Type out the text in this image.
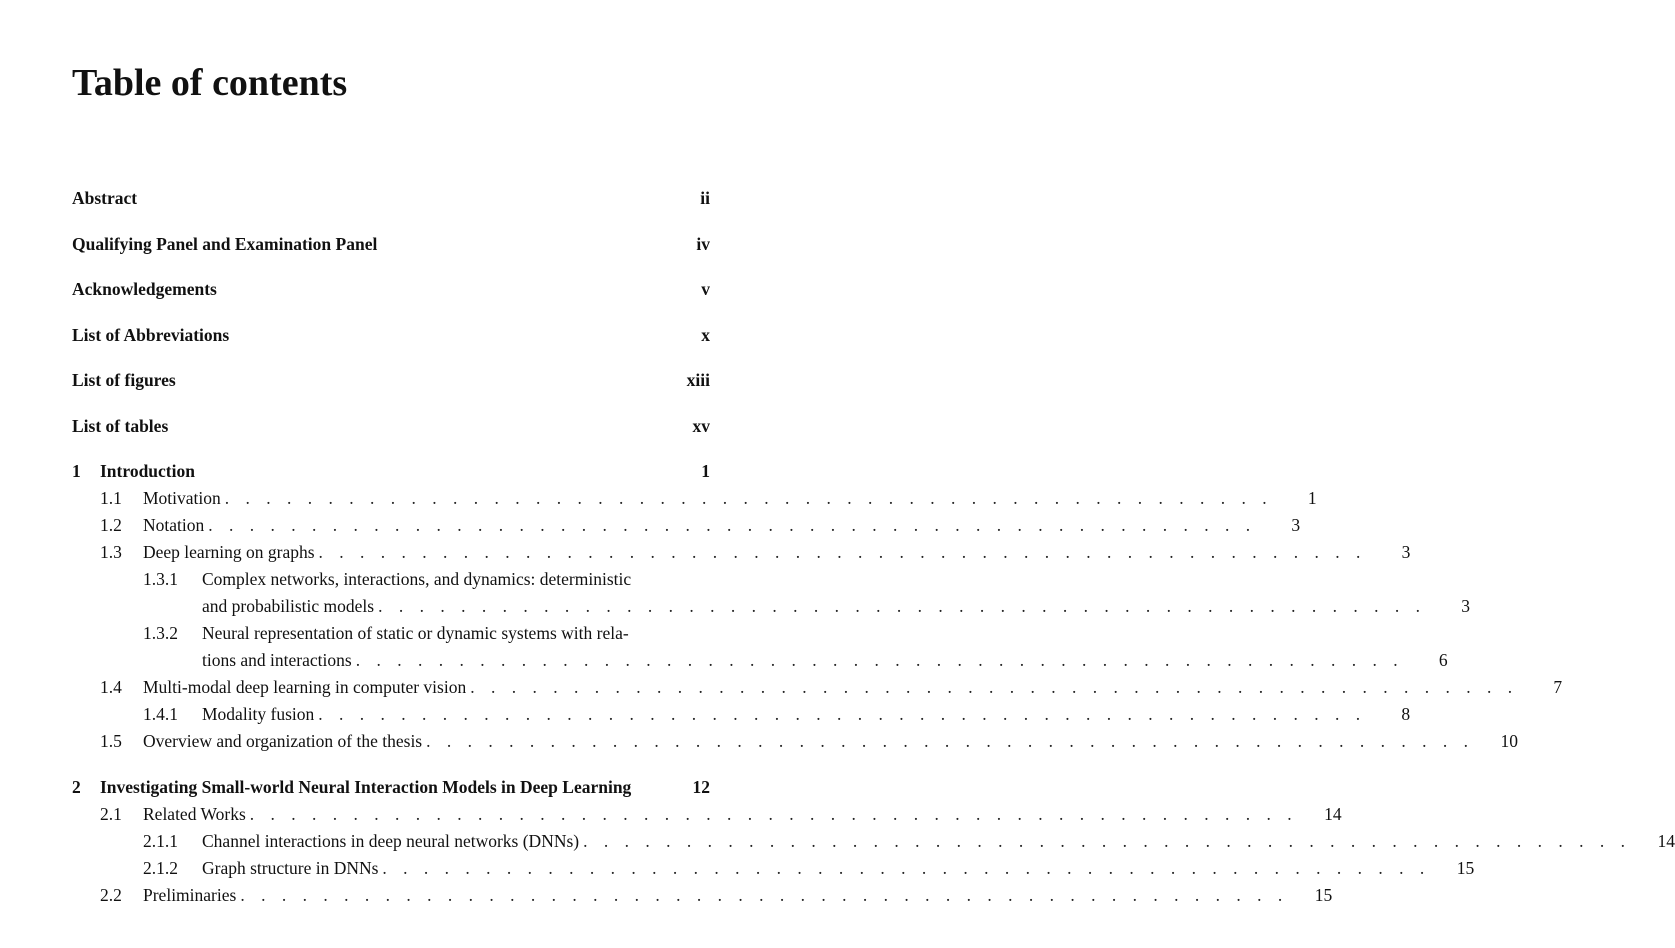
Table of contents
Abstract	ii
Qualifying Panel and Examination Panel	iv
Acknowledgements	v
List of Abbreviations	x
List of figures	xiii
List of tables	xv
1	Introduction	1
1.1	Motivation . . . . . . . . . . . . . . . . . . . . . . . . . . . . . . . . . . . . . . . . . . . . . . . . . . .	1
1.2	Notation . . . . . . . . . . . . . . . . . . . . . . . . . . . . . . . . . . . . . . . . . . . . . . . . . . .	3
1.3	Deep learning on graphs . . . . . . . . . . . . . . . . . . . . . . . . . . . . . . . . . . . . . . . . . . . . . . . . . . .	3
1.3.1	Complex networks, interactions, and dynamics: deterministic
and probabilistic models . . . . . . . . . . . . . . . . . . . . . . . . . . . . . . . . . . . . . . . . . . . . . . . . . . .	3
1.3.2	Neural representation of static or dynamic systems with rela-
tions and interactions . . . . . . . . . . . . . . . . . . . . . . . . . . . . . . . . . . . . . . . . . . . . . . . . . . .	6
1.4	Multi-modal deep learning in computer vision . . . . . . . . . . . . . . . . . . . . . . . . . . . . . . . . . . . . . . . . . . . . . . . . . . .	7
1.4.1	Modality fusion . . . . . . . . . . . . . . . . . . . . . . . . . . . . . . . . . . . . . . . . . . . . . . . . . . .	8
1.5	Overview and organization of the thesis . . . . . . . . . . . . . . . . . . . . . . . . . . . . . . . . . . . . . . . . . . . . . . . . . . .	10
2	Investigating Small-world Neural Interaction Models in Deep Learning	12
2.1	Related Works . . . . . . . . . . . . . . . . . . . . . . . . . . . . . . . . . . . . . . . . . . . . . . . . . . .	14
2.1.1	Channel interactions in deep neural networks (DNNs) . . . . . . . . . . . . . . . . . . . . . . . . . . . . . . . . . . . . . . . . . . . . . . . . . . .	14
2.1.2	Graph structure in DNNs . . . . . . . . . . . . . . . . . . . . . . . . . . . . . . . . . . . . . . . . . . . . . . . . . . .	15
2.2	Preliminaries . . . . . . . . . . . . . . . . . . . . . . . . . . . . . . . . . . . . . . . . . . . . . . . . . . .	15
